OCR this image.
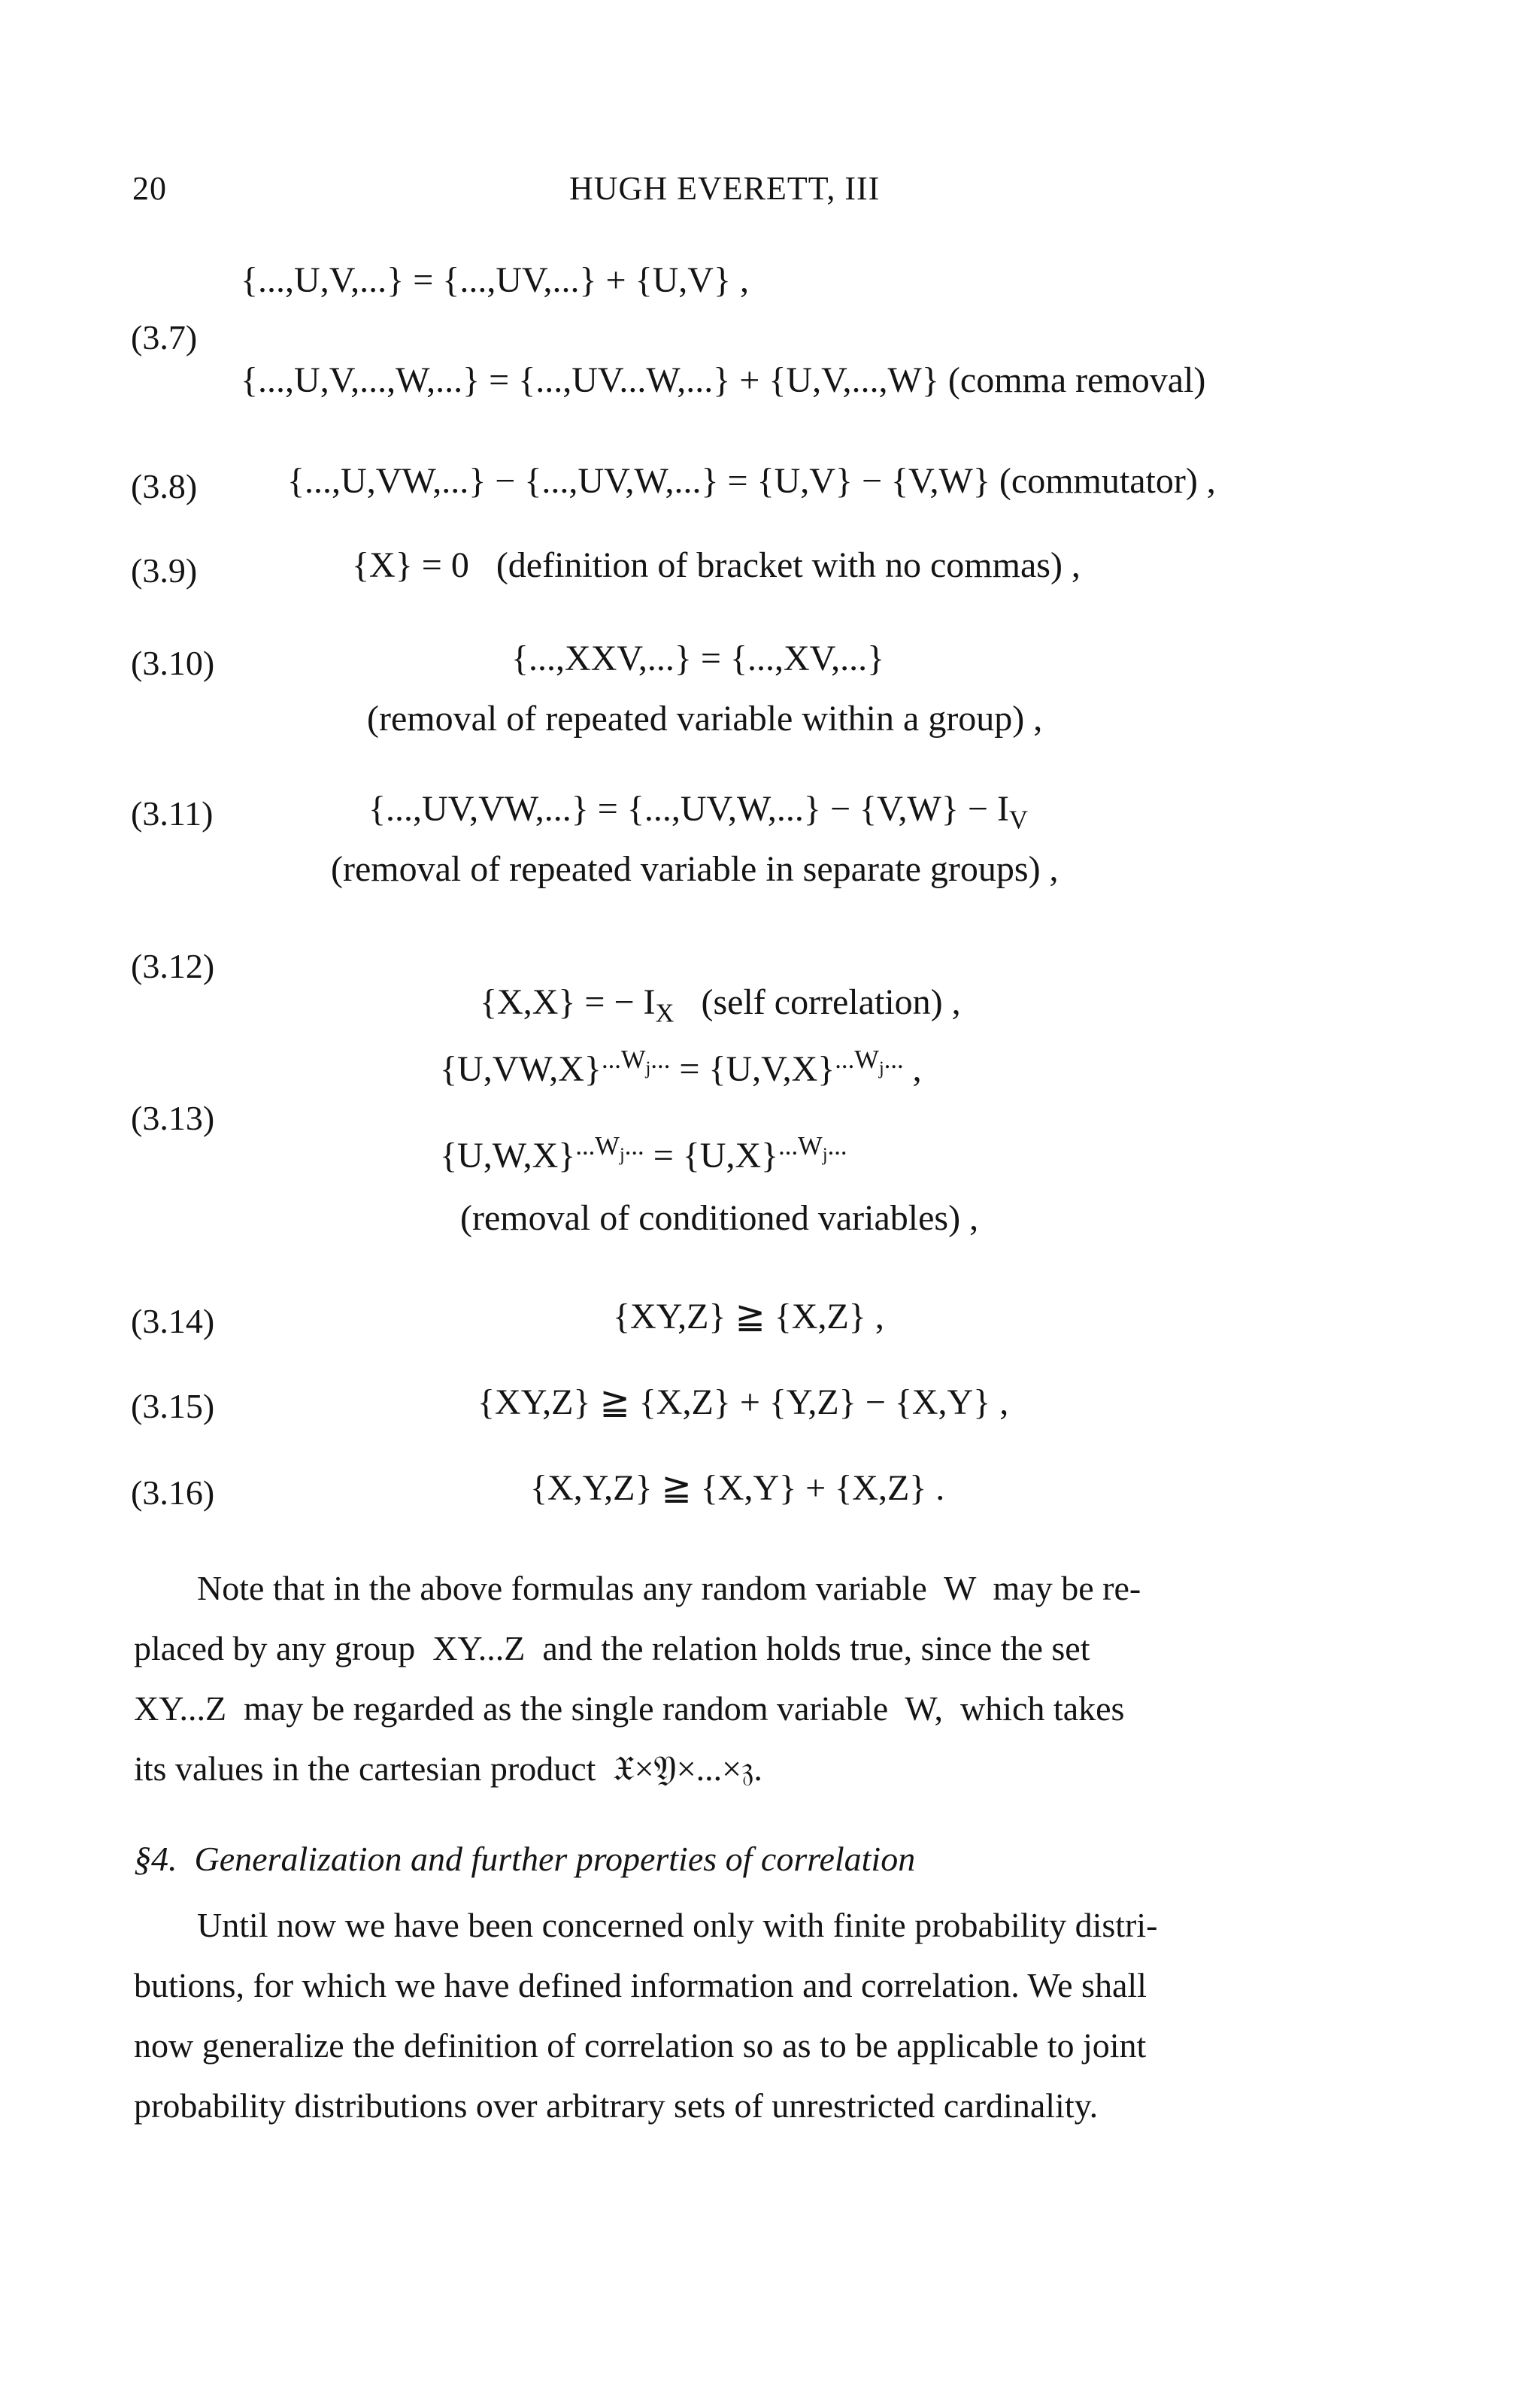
20	HUGH EVERETT, III
(3.7)
{...,U,V,...} = {...,UV,...} + {U,V} ,
{...,U,V,...,W,...} = {...,UV...W,...} + {U,V,...,W} (comma removal)
(3.8) {...,U,VW,...} − {...,UV,W,...} = {U,V} − {V,W} (commutator) ,
(3.9)	{X} = 0   (definition of bracket with no commas) ,
(3.10)	{...,XXV,...} = {...,XV,...}
(removal of repeated variable within a group) ,
(3.11)	$\{...,UV,VW,...\} = \{...,UV,W,...\} - \{V,W\} - I_V$
(removal of repeated variable in separate groups) ,
(3.12)

{X,X} = − $I_X$   (self correlation) ,

(3.13)
$\{U,VW,X\}^{...W_j...} = \{U,V,X\}^{...W_j...}$ ,
$\{U,W,X\}^{...W_j...} = \{U,X\}^{...W_j...}$
(removal of conditioned variables) ,
(3.14)	{XY,Z} ≧ {X,Z} ,
(3.15)	{XY,Z} ≧ {X,Z} + {Y,Z} − {X,Y} ,
(3.16)	{X,Y,Z} ≧ {X,Y} + {X,Z} .
Note that in the above formulas any random variable  W  may be re-
placed by any group  XY...Z  and the relation holds true, since the set
XY...Z  may be regarded as the single random variable  W,  which takes
its values in the cartesian product  𝔛×𝔜×...×𝔷.
§4.  Generalization and further properties of correlation
Until now we have been concerned only with finite probability distri-
butions, for which we have defined information and correlation. We shall
now generalize the definition of correlation so as to be applicable to joint
probability distributions over arbitrary sets of unrestricted cardinality.
